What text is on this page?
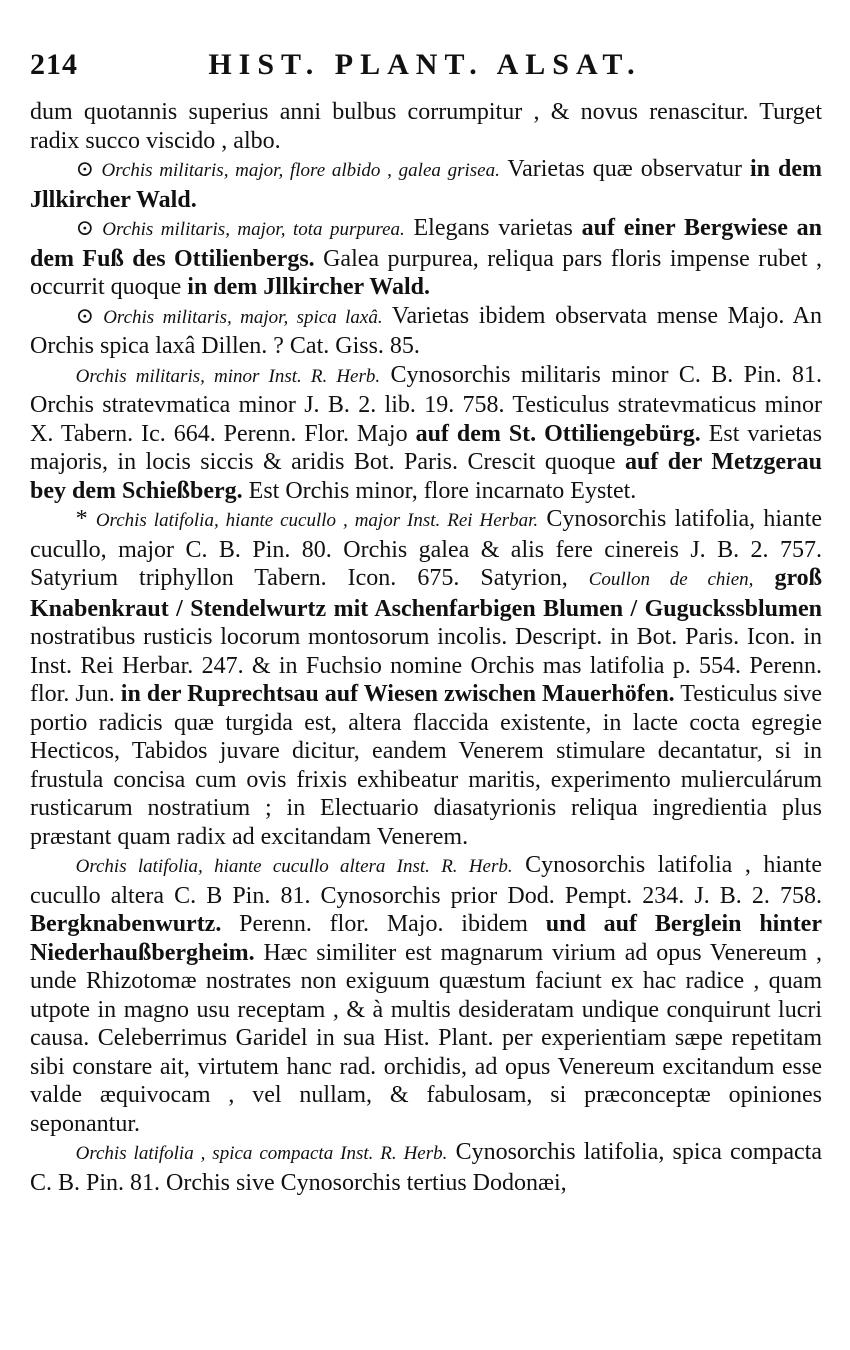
214	HIST. PLANT. ALSAT.

dum quotannis superius anni bulbus corrumpitur , & novus renascitur. Turget radix succo viscido , albo.

⊙ Orchis militaris, major, flore albido , galea grisea. Varietas quæ observatur in dem Jllkircher Wald.

⊙ Orchis militaris, major, tota purpurea. Elegans varietas auf einer Bergwiese an dem Fuß des Ottilienbergs. Galea purpurea, reliqua pars floris impense rubet , occurrit quoque in dem Jllkircher Wald.

⊙ Orchis militaris, major, spica laxâ. Varietas ibidem observata mense Majo. An Orchis spica laxâ Dillen. ? Cat. Giss. 85.

Orchis militaris, minor Inst. R. Herb. Cynosorchis militaris minor C. B. Pin. 81. Orchis stratevmatica minor J. B. 2. lib. 19. 758. Testiculus stratevmaticus minor X. Tabern. Ic. 664. Perenn. Flor. Majo auf dem St. Ottiliengebürg. Est varietas majoris, in locis siccis & aridis Bot. Paris. Crescit quoque auf der Metzgerau bey dem Schießberg. Est Orchis minor, flore incarnato Eystet.

* Orchis latifolia, hiante cucullo , major Inst. Rei Herbar. Cynosorchis latifolia, hiante cucullo, major C. B. Pin. 80. Orchis galea & alis fere cinereis J. B. 2. 757. Satyrium triphyllon Tabern. Icon. 675. Satyrion, Coullon de chien, groß Knabenkraut / Stendelwurtz mit Aschenfarbigen Blumen / Guguckssblumen nostratibus rusticis locorum montosorum incolis. Descript. in Bot. Paris. Icon. in Inst. Rei Herbar. 247. & in Fuchsio nomine Orchis mas latifolia p. 554. Perenn. flor. Jun. in der Ruprechtsau auf Wiesen zwischen Mauerhöfen. Testiculus sive portio radicis quæ turgida est, altera flaccida existente, in lacte cocta egregie Hecticos, Tabidos juvare dicitur, eandem Venerem stimulare decantatur, si in frustula concisa cum ovis frixis exhibeatur maritis, experimento mulierculárum rusticarum nostratium ; in Electuario diasatyrionis reliqua ingredientia plus præstant quam radix ad excitandam Venerem.

Orchis latifolia, hiante cucullo altera Inst. R. Herb. Cynosorchis latifolia , hiante cucullo altera C. B Pin. 81. Cynosorchis prior Dod. Pempt. 234. J. B. 2. 758. Bergknabenwurtz. Perenn. flor. Majo. ibidem und auf Berglein hinter Niederhaußbergheim. Hæc similiter est magnarum virium ad opus Venereum , unde Rhizotomæ nostrates non exiguum quæstum faciunt ex hac radice , quam utpote in magno usu receptam , & à multis desideratam undique conquirunt lucri causa. Celeberrimus Garidel in sua Hist. Plant. per experientiam sæpe repetitam sibi constare ait, virtutem hanc rad. orchidis, ad opus Venereum excitandum esse valde æquivocam , vel nullam, & fabulosam, si præconceptæ opiniones seponantur.

Orchis latifolia , spica compacta Inst. R. Herb. Cynosorchis latifolia, spica compacta C. B. Pin. 81. Orchis sive Cynosorchis tertius Dodonæi,
